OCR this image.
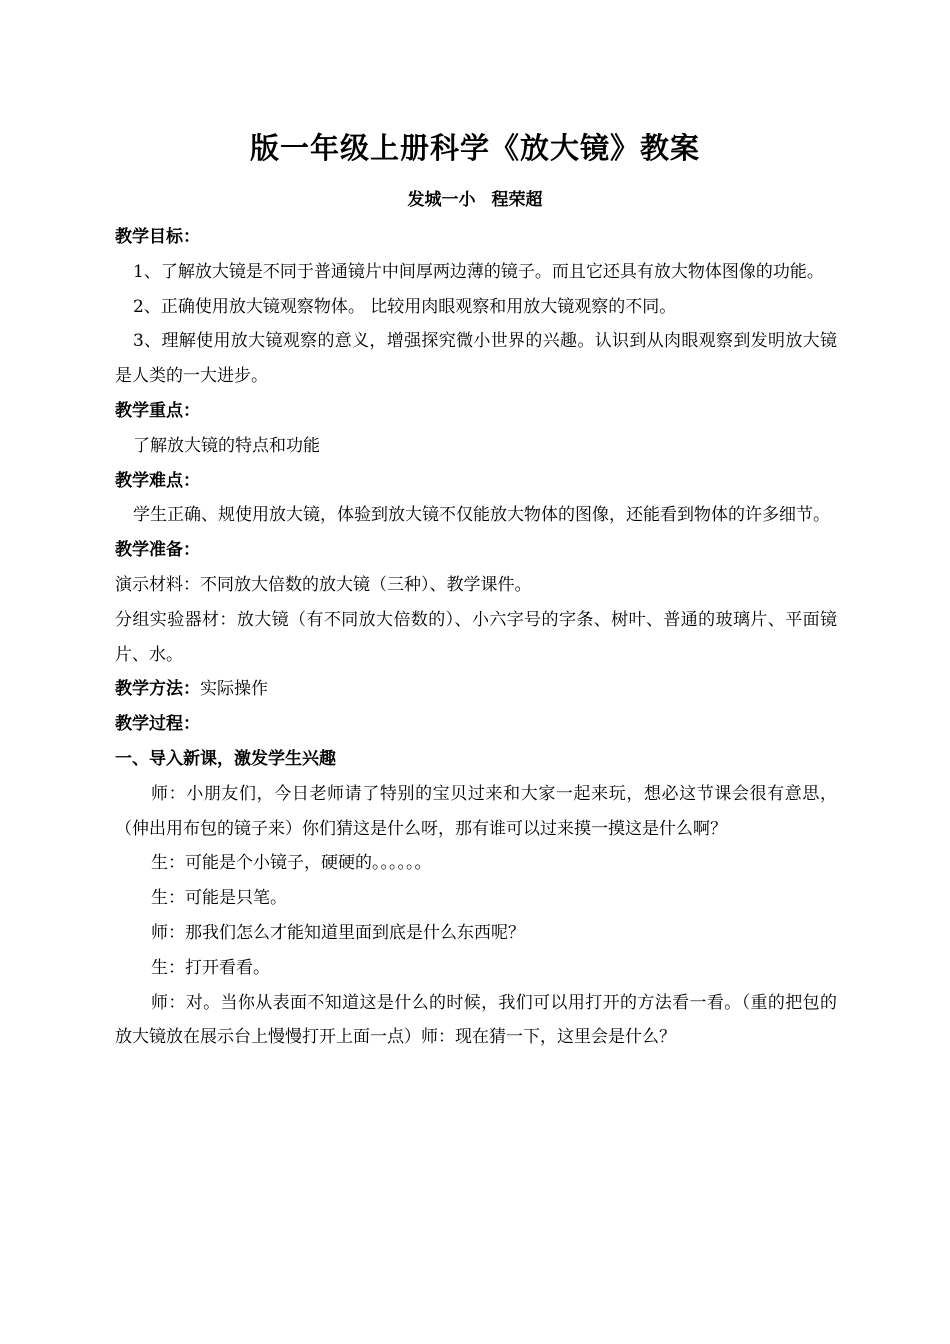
版一年级上册科学《放大镜》教案
发城一小 程荣超

教学目标：

1、了解放大镜是不同于普通镜片中间厚两边薄的镜子。而且它还具有放大物体图像的功能。

2、正确使用放大镜观察物体。 比较用肉眼观察和用放大镜观察的不同。

3、理解使用放大镜观察的意义，增强探究微小世界的兴趣。认识到从肉眼观察到发明放大镜是人类的一大进步。

教学重点：

了解放大镜的特点和功能

教学难点：

学生正确、规使用放大镜，体验到放大镜不仅能放大物体的图像，还能看到物体的许多细节。

教学准备：

演示材料：不同放大倍数的放大镜（三种）、教学课件。

分组实验器材：放大镜（有不同放大倍数的）、小六字号的字条、树叶、普通的玻璃片、平面镜片、水。

教学方法：实际操作

教学过程：

一、导入新课，激发学生兴趣

师：小朋友们，今日老师请了特别的宝贝过来和大家一起来玩，想必这节课会很有意思，（伸出用布包的镜子来）你们猜这是什么呀，那有谁可以过来摸一摸这是什么啊？

生：可能是个小镜子，硬硬的。。。。。。

生：可能是只笔。

师：那我们怎么才能知道里面到底是什么东西呢？

生：打开看看。

师：对。当你从表面不知道这是什么的时候，我们可以用打开的方法看一看。（重的把包的放大镜放在展示台上慢慢打开上面一点）师：现在猜一下，这里会是什么？
